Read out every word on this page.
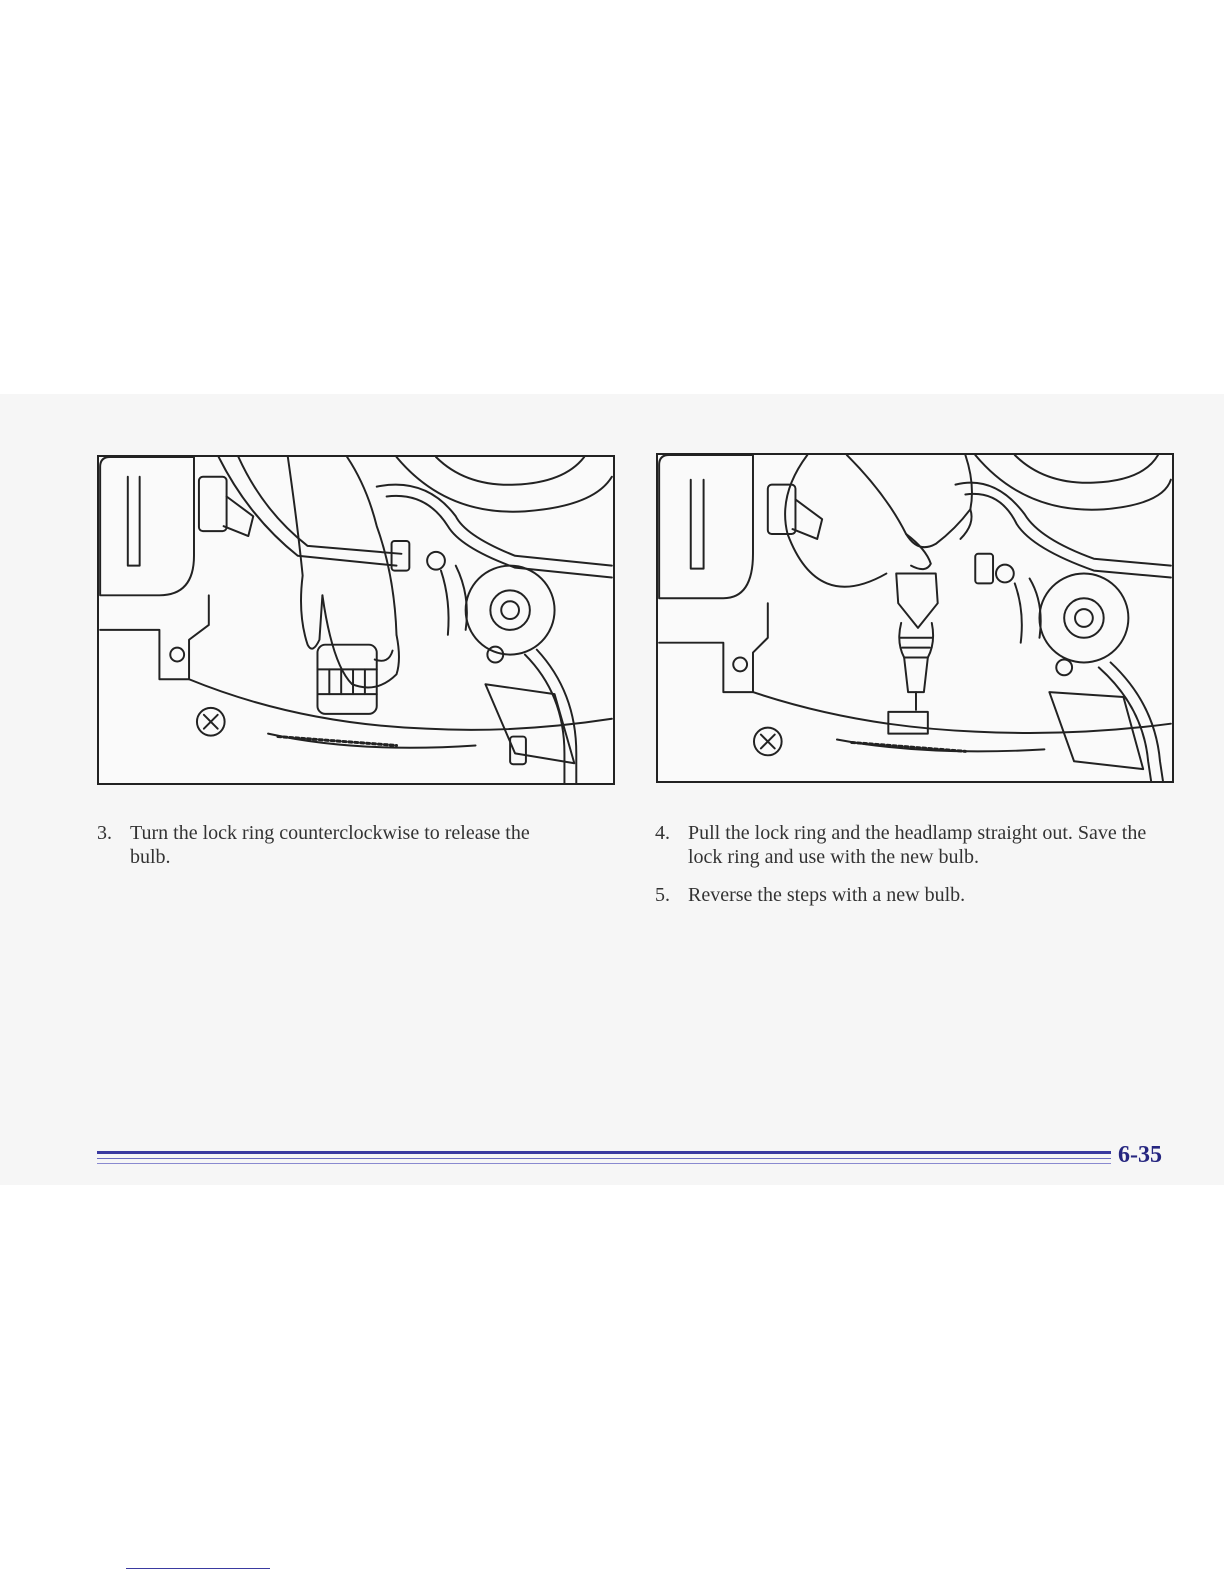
3. Turn the lock ring counterclockwise to release the bulb.
4. Pull the lock ring and the headlamp straight out. Save the lock ring and use with the new bulb.
5. Reverse the steps with a new bulb.
6-35
